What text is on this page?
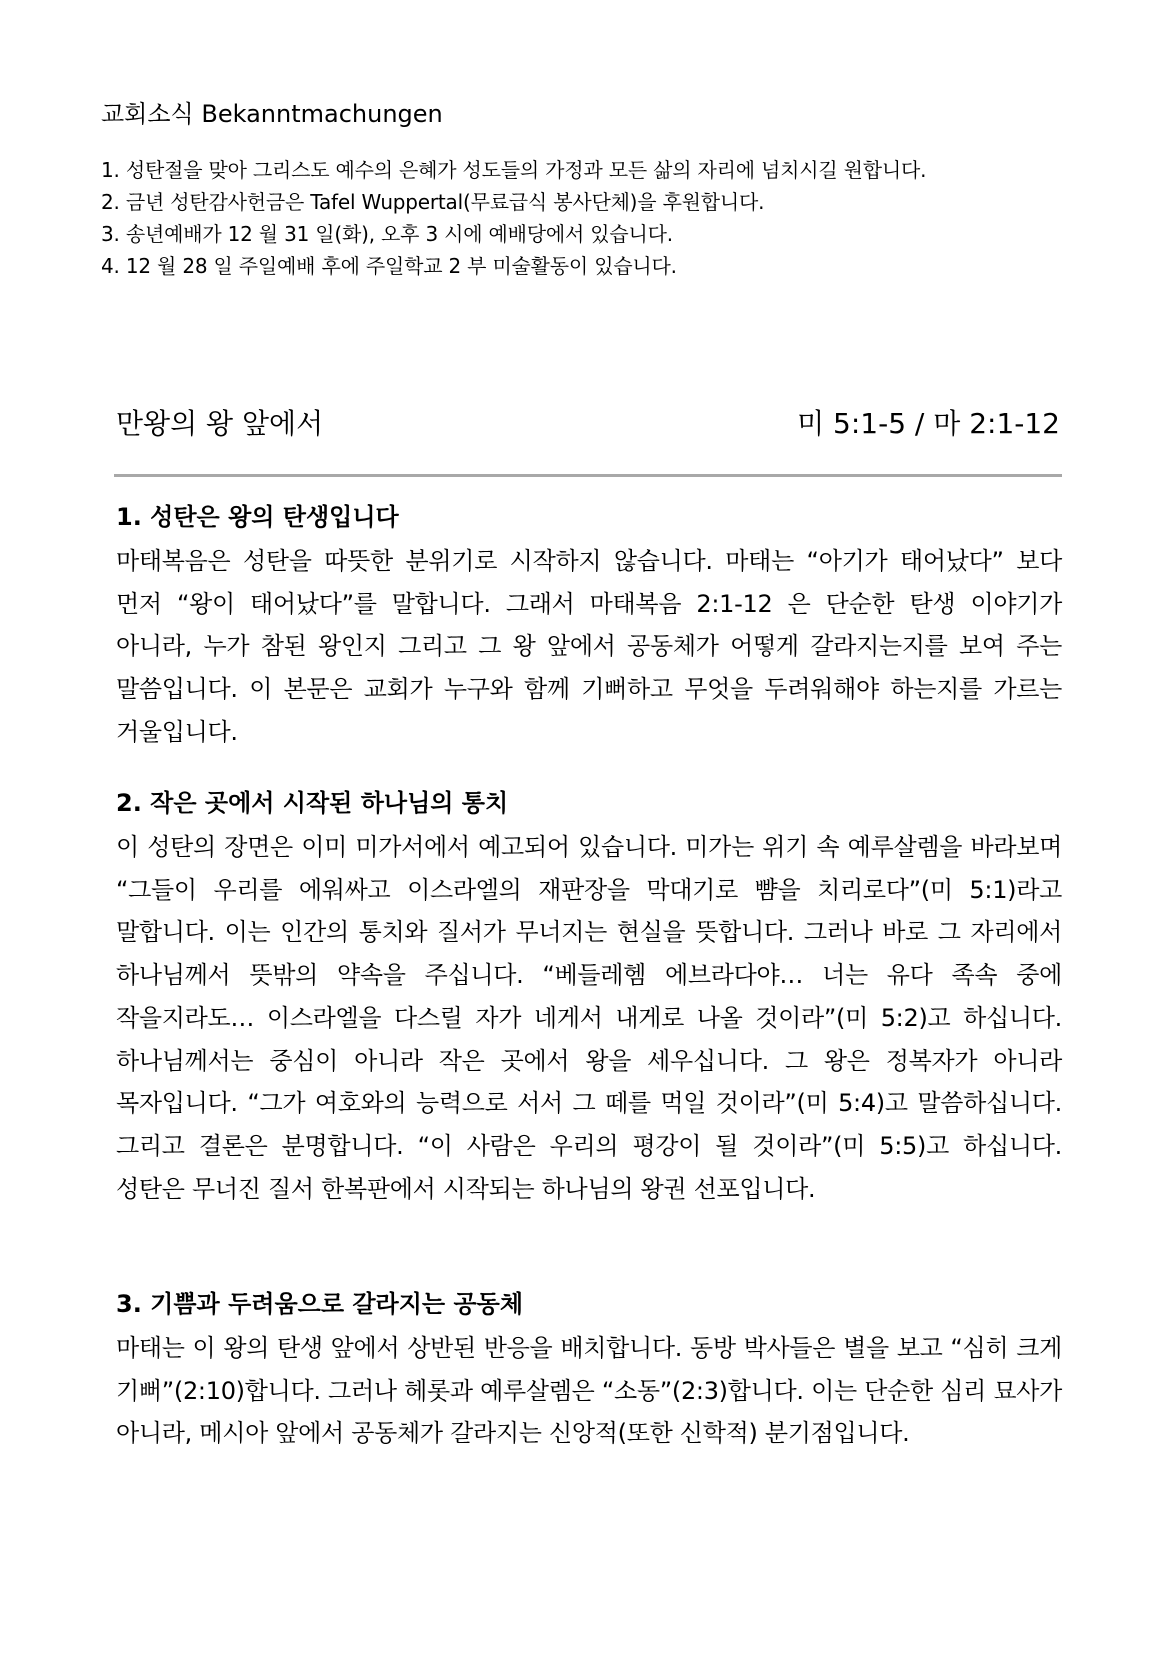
교회소식 Bekanntmachungen
1. 성탄절을 맞아 그리스도 예수의 은혜가 성도들의 가정과 모든 삶의 자리에 넘치시길 원합니다.
2. 금년 성탄감사헌금은 Tafel Wuppertal(무료급식 봉사단체)을 후원합니다.
3. 송년예배가 12 월 31 일(화), 오후 3 시에 예배당에서 있습니다.
4. 12 월 28 일 주일예배 후에 주일학교 2 부 미술활동이 있습니다.
만왕의 왕 앞에서	미 5:1-5 / 마 2:1-12
1. 성탄은 왕의 탄생입니다

마태복음은 성탄을 따뜻한 분위기로 시작하지 않습니다. 마태는 “아기가 태어났다” 보다 먼저 “왕이 태어났다”를 말합니다. 그래서 마태복음 2:1-12 은 단순한 탄생 이야기가 아니라, 누가 참된 왕인지 그리고 그 왕 앞에서 공동체가 어떻게 갈라지는지를 보여 주는 말씀입니다. 이 본문은 교회가 누구와 함께 기뻐하고 무엇을 두려워해야 하는지를 가르는 거울입니다.

2. 작은 곳에서 시작된 하나님의 통치

이 성탄의 장면은 이미 미가서에서 예고되어 있습니다. 미가는 위기 속 예루살렘을 바라보며 “그들이 우리를 에워싸고 이스라엘의 재판장을 막대기로 뺨을 치리로다”(미 5:1)라고 말합니다. 이는 인간의 통치와 질서가 무너지는 현실을 뜻합니다. 그러나 바로 그 자리에서 하나님께서 뜻밖의 약속을 주십니다. “베들레헴 에브라다야… 너는 유다 족속 중에 작을지라도… 이스라엘을 다스릴 자가 네게서 내게로 나올 것이라”(미 5:2)고 하십니다. 하나님께서는 중심이 아니라 작은 곳에서 왕을 세우십니다. 그 왕은 정복자가 아니라 목자입니다. “그가 여호와의 능력으로 서서 그 떼를 먹일 것이라”(미 5:4)고 말씀하십니다. 그리고 결론은 분명합니다. “이 사람은 우리의 평강이 될 것이라”(미 5:5)고 하십니다. 성탄은 무너진 질서 한복판에서 시작되는 하나님의 왕권 선포입니다.

3. 기쁨과 두려움으로 갈라지는 공동체

마태는 이 왕의 탄생 앞에서 상반된 반응을 배치합니다. 동방 박사들은 별을 보고 “심히 크게 기뻐”(2:10)합니다. 그러나 헤롯과 예루살렘은 “소동”(2:3)합니다. 이는 단순한 심리 묘사가 아니라, 메시아 앞에서 공동체가 갈라지는 신앙적(또한 신학적) 분기점입니다.
